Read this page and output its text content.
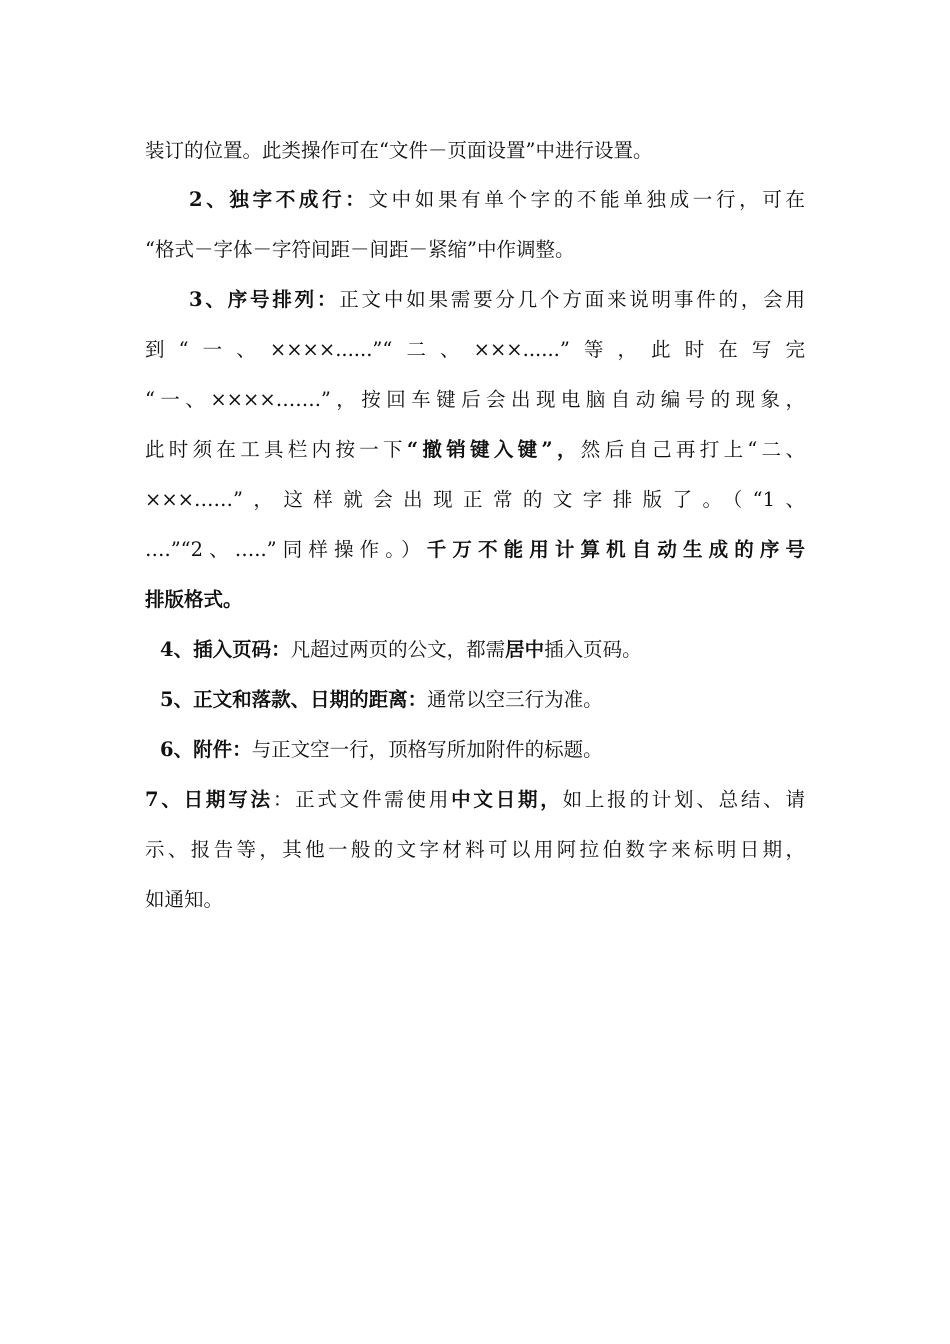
装订的位置。此类操作可在“文件－页面设置”中进行设置。
2、独字不成行：文中如果有单个字的不能单独成一行，可在
“格式－字体－字符间距－间距－紧缩”中作调整。
3、序号排列：正文中如果需要分几个方面来说明事件的，会用
到“一、××××......”“二、×××......”等，此时在写完
“一、××××…….”，按回车键后会出现电脑自动编号的现象，
此时须在工具栏内按一下“撤销键入键”，然后自己再打上“二、
×××……”，这样就会出现正常的文字排版了。（“1、
….”“2、…..”同样操作。）千万不能用计算机自动生成的序号
排版格式。
4、插入页码：凡超过两页的公文，都需居中插入页码。
5、正文和落款、日期的距离：通常以空三行为准。
6、附件：与正文空一行，顶格写所加附件的标题。
7、日期写法：正式文件需使用中文日期，如上报的计划、总结、请
示、报告等，其他一般的文字材料可以用阿拉伯数字来标明日期，
如通知。
